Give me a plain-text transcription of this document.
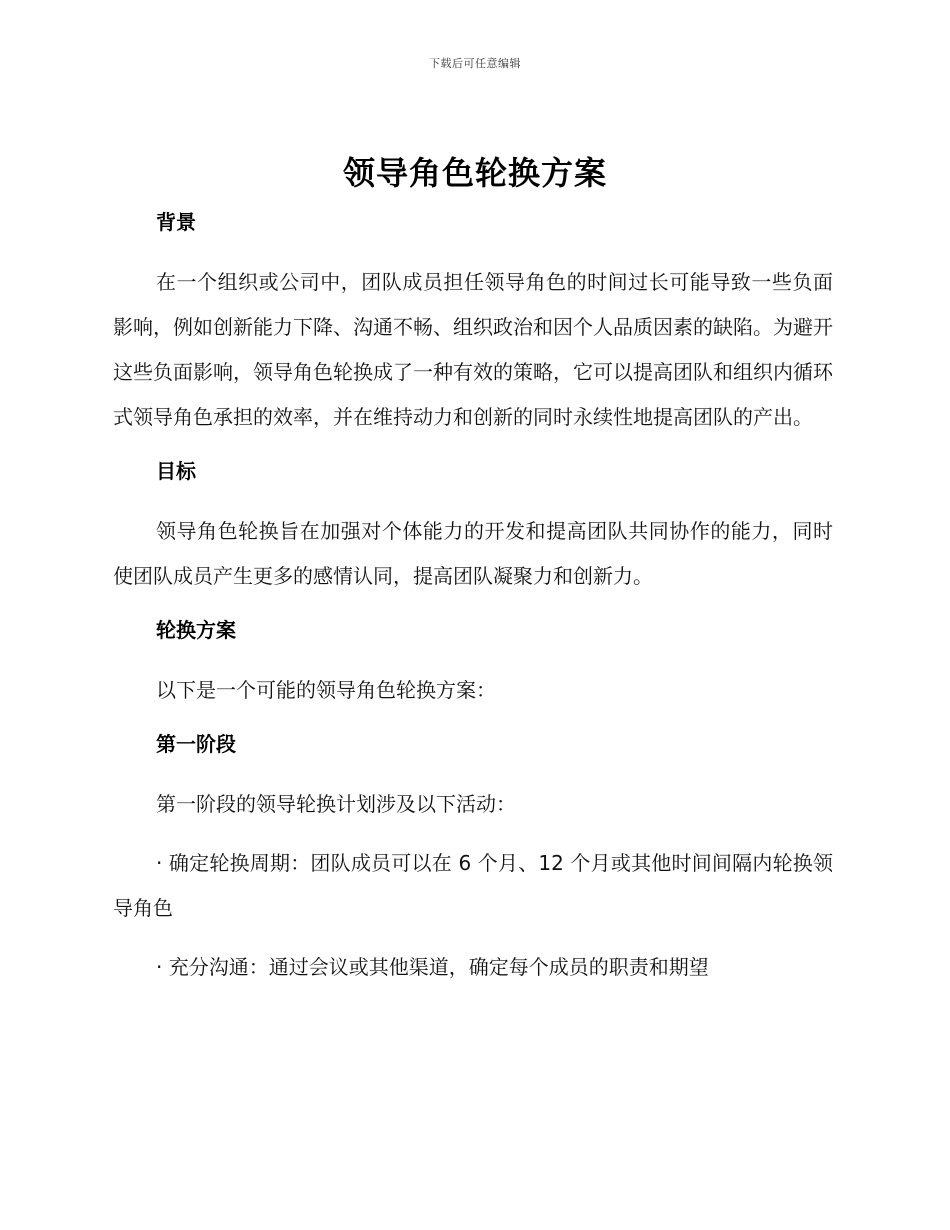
下载后可任意编辑
领导角色轮换方案
背景

在一个组织或公司中，团队成员担任领导角色的时间过长可能导致一些负面影响，例如创新能力下降、沟通不畅、组织政治和因个人品质因素的缺陷。为避开这些负面影响，领导角色轮换成了一种有效的策略，它可以提高团队和组织内循环式领导角色承担的效率，并在维持动力和创新的同时永续性地提高团队的产出。

目标

领导角色轮换旨在加强对个体能力的开发和提高团队共同协作的能力，同时使团队成员产生更多的感情认同，提高团队凝聚力和创新力。

轮换方案

以下是一个可能的领导角色轮换方案：

第一阶段

第一阶段的领导轮换计划涉及以下活动：

· 确定轮换周期：团队成员可以在 6 个月、12 个月或其他时间间隔内轮换领导角色

· 充分沟通：通过会议或其他渠道，确定每个成员的职责和期望
